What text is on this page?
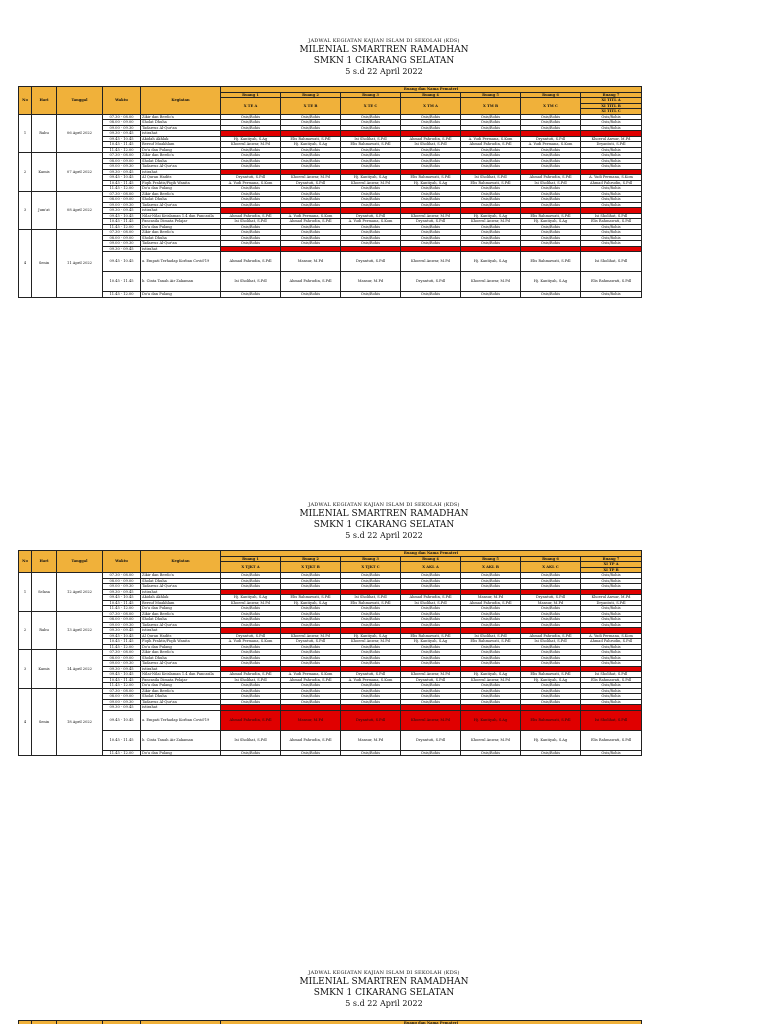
JADWAL KEGIATAN KAJIAN ISLAM DI SEKOLAH (KDS)
MILENIAL SMARTREN RAMADHAN
SMKN 1 CIKARANG SELATAN
5 s.d 22 April 2022
No	Hari	Tanggal	Waktu	Kegiatan	Ruang dan Nama Pemateri						
					Ruang 1	Ruang 2	Ruang 3	Ruang 4	Ruang 5	Ruang 6	Ruang 7
					X TE A	X TE B	X TE C	X TM A	X TM B	X TM C	XI TITL A
											XI TITL B
											XI TITL C
1	Rabu	06 April 2022	07.30 - 08.00	Zikir dan Berdo'a	Osis/Rohis	Osis/Rohis	Osis/Rohis	Osis/Rohis	Osis/Rohis	Osis/Rohis	Osis/Rohis
			08.00 - 09.00	Sholat Dhuha	Osis/Rohis	Osis/Rohis	Osis/Rohis	Osis/Rohis	Osis/Rohis	Osis/Rohis	Osis/Rohis
			09.00 - 09.30	Tadarrus Al-Qur'an	Osis/Rohis	Osis/Rohis	Osis/Rohis	Osis/Rohis	Osis/Rohis	Osis/Rohis	Osis/Rohis
			09.30 - 09.45	istirahat							
			09.45 - 10.45	Akidah Akhlak	Hj. Kantiyah, S.Ag	Elis Rahmawati, S.Pdl	Isi Sholihat, S.Pdl	Ahmad Pahrudin, S.Pdl	A. Yudi Permana, S.Kom	Dryantuti, S.Pdl	Khoerul Anwar, M.Pd
			10.45 - 11.45	Bersuf Muakhlam	Khoerul Anwar, M.Pd	Hj. Kantiyah, S.Ag	Elis Rahmawati, S.Pdl	Isi Sholihat, S.Pdl	Ahmad Pahrudin, S.Pdl	A. Yudi Permana, S.Kom	Dryantuti, S.Pdl
			11.45 - 12.00	Do'a dan Pulang	Osis/Rohis	Osis/Rohis	Osis/Rohis	Osis/Rohis	Osis/Rohis	Osis/Rohis	Osis/Rohis
2	Kamis	07 April 2022	07.30 - 08.00	Zikir dan Berdo'a	Osis/Rohis	Osis/Rohis	Osis/Rohis	Osis/Rohis	Osis/Rohis	Osis/Rohis	Osis/Rohis
			08.00 - 09.00	Sholat Dhuha	Osis/Rohis	Osis/Rohis	Osis/Rohis	Osis/Rohis	Osis/Rohis	Osis/Rohis	Osis/Rohis
			09.00 - 09.30	Tadarrus Al-Qur'an	Osis/Rohis	Osis/Rohis	Osis/Rohis	Osis/Rohis	Osis/Rohis	Osis/Rohis	Osis/Rohis
			09.30 - 09.45	istirahat							
			09.45 - 10.45	Al Quran Hadits	Dryantuti, S.Pdl	Khoerul Anwar, M.Pd	Hj. Kantiyah, S.Ag	Elis Rahmawati, S.Pdl	Isi Sholihat, S.Pdl	Ahmad Pahrudin, S.Pdl	A. Yudi Permana, S.Kom
			10.45 - 11.45	Fiqih Praktis/Fiqih Wanita	A. Yudi Permana, S.Kom	Dryantuti, S.Pdl	Khoerul Anwar, M.Pd	Hj. Kantiyah, S.Ag	Elis Rahmawati, S.Pdl	Isi Sholihat, S.Pdl	Ahmad Pahrudin, S.Pdl
			11.45 - 12.00	Do'a dan Pulang	Osis/Rohis	Osis/Rohis	Osis/Rohis	Osis/Rohis	Osis/Rohis	Osis/Rohis	Osis/Rohis
3	Jum'at	08 April 2022	07.30 - 08.00	Zikir dan Berdo'a	Osis/Rohis	Osis/Rohis	Osis/Rohis	Osis/Rohis	Osis/Rohis	Osis/Rohis	Osis/Rohis
			08.00 - 09.00	Sholat Dhuha	Osis/Rohis	Osis/Rohis	Osis/Rohis	Osis/Rohis	Osis/Rohis	Osis/Rohis	Osis/Rohis
			09.00 - 09.30	Tadarrus Al-Qur'an	Osis/Rohis	Osis/Rohis	Osis/Rohis	Osis/Rohis	Osis/Rohis	Osis/Rohis	Osis/Rohis
			09.30 - 09.45	istirahat							
			09.45 - 10.45	Nilai-Nilai Keislaman 1.4 dan Pancasila	Ahmad Pahrudin, S.Pdl	A. Yudi Permana, S.Kom	Dryantuti, S.Pdl	Khoerul Anwar, M.Pd	Hj. Kantiyah, S.Ag	Elis Rahmawati, S.Pdl	Isi Sholihat, S.Pdl
			10.45 - 11.45	Pancasila Dimata Pelajar	Isi Sholihat, S.Pdl	Ahmad Pahrudin, S.Pdl	A. Yudi Permana, S.Kom	Dryantuti, S.Pdl	Khoerul Anwar, M.Pd	Hj. Kantiyah, S.Ag	Elis Rahmawati, S.Pdl
			11.45 - 12.00	Do'a dan Pulang	Osis/Rohis	Osis/Rohis	Osis/Rohis	Osis/Rohis	Osis/Rohis	Osis/Rohis	Osis/Rohis
4	Senin	11 April 2022	07.30 - 08.00	Zikir dan Berdo'a	Osis/Rohis	Osis/Rohis	Osis/Rohis	Osis/Rohis	Osis/Rohis	Osis/Rohis	Osis/Rohis
			08.00 - 09.00	Sholat Dhuha	Osis/Rohis	Osis/Rohis	Osis/Rohis	Osis/Rohis	Osis/Rohis	Osis/Rohis	Osis/Rohis
			09.00 - 09.30	Tadarrus Al-Qur'an	Osis/Rohis	Osis/Rohis	Osis/Rohis	Osis/Rohis	Osis/Rohis	Osis/Rohis	Osis/Rohis
			09.30 - 09.45	istirahat							
			09.45 - 10.45	a. Empati Terhadap Korban Covid'19	Ahmad Pahrudin, S.Pdl	Mansur, M.Pd	Dryantuti, S.Pdl	Khoerul Anwar, M.Pd	Hj. Kantiyah, S.Ag	Elis Rahmawati, S.Pdl	Isi Sholihat, S.Pdl
			10.45 - 11.45	b. Cinta Tanah Air Zakaman	Isi Sholihat, S.Pdl	Ahmad Pahrudin, S.Pdl	Mansur, M.Pd	Dryantuti, S.Pdl	Khoerul Anwar, M.Pd	Hj. Kantiyah, S.Ag	Elis Rahmawati, S.Pdl
			11.45 - 12.00	Do'a dan Pulang	Osis/Rohis	Osis/Rohis	Osis/Rohis	Osis/Rohis	Osis/Rohis	Osis/Rohis	Osis/Rohis
JADWAL KEGIATAN KAJIAN ISLAM DI SEKOLAH (KDS)
MILENIAL SMARTREN RAMADHAN
SMKN 1 CIKARANG SELATAN
5 s.d 22 April 2022
No	Hari	Tanggal	Waktu	Kegiatan	Ruang dan Nama Pemateri						
					Ruang 1	Ruang 2	Ruang 3	Ruang 4	Ruang 5	Ruang 6	Ruang 7
					X TJKT A	X TJKT B	X TJKT C	X AKL A	X AKL B	X AKL C	XI TP A
											XI TP B
1	Selasa	12 April 2022	07.30 - 08.00	Zikir dan Berdo'a	Osis/Rohis	Osis/Rohis	Osis/Rohis	Osis/Rohis	Osis/Rohis	Osis/Rohis	Osis/Rohis
			08.00 - 09.00	Sholat Dhuha	Osis/Rohis	Osis/Rohis	Osis/Rohis	Osis/Rohis	Osis/Rohis	Osis/Rohis	Osis/Rohis
			09.00 - 09.30	Tadarrus Al-Qur'an	Osis/Rohis	Osis/Rohis	Osis/Rohis	Osis/Rohis	Osis/Rohis	Osis/Rohis	Osis/Rohis
			09.30 - 09.45	istirahat							
			09.45 - 10.45	Akidah Akhlak	Hj. Kantiyah, S.Ag	Elis Rahmawati, S.Pdl	Isi Sholihat, S.Pdl	Ahmad Pahrudin, S.Pdl	Mansur, M.Pd	Dryantuti, S.Pdl	Khoerul Anwar, M.Pd
			10.45 - 11.45	Bersuf Muakhlam	Khoerul Anwar, M.Pd	Hj. Kantiyah, S.Ag	Elis Rahmawati, S.Pdl	Isi Sholihat, S.Pdl	Ahmad Pahrudin, S.Pdl	Mansur, M.Pd	Dryantuti, S.Pdl
			11.45 - 12.00	Do'a dan Pulang	Osis/Rohis	Osis/Rohis	Osis/Rohis	Osis/Rohis	Osis/Rohis	Osis/Rohis	Osis/Rohis
2	Rabu	13 April 2022	07.30 - 08.00	Zikir dan Berdo'a	Osis/Rohis	Osis/Rohis	Osis/Rohis	Osis/Rohis	Osis/Rohis	Osis/Rohis	Osis/Rohis
			08.00 - 09.00	Sholat Dhuha	Osis/Rohis	Osis/Rohis	Osis/Rohis	Osis/Rohis	Osis/Rohis	Osis/Rohis	Osis/Rohis
			09.00 - 09.30	Tadarrus Al-Qur'an	Osis/Rohis	Osis/Rohis	Osis/Rohis	Osis/Rohis	Osis/Rohis	Osis/Rohis	Osis/Rohis
			09.30 - 09.45	istirahat							
			09.45 - 10.45	Al Quran Hadits	Dryantuti, S.Pdl	Khoerul Anwar, M.Pd	Hj. Kantiyah, S.Ag	Elis Rahmawati, S.Pdl	Isi Sholihat, S.Pdl	Ahmad Pahrudin, S.Pdl	A. Yudi Permana, S.Kom
			10.45 - 11.45	Fiqih Praktis/Fiqih Wanita	A. Yudi Permana, S.Kom	Dryantuti, S.Pdl	Khoerul Anwar, M.Pd	Hj. Kantiyah, S.Ag	Elis Rahmawati, S.Pdl	Isi Sholihat, S.Pdl	Ahmad Pahrudin, S.Pdl
			11.45 - 12.00	Do'a dan Pulang	Osis/Rohis	Osis/Rohis	Osis/Rohis	Osis/Rohis	Osis/Rohis	Osis/Rohis	Osis/Rohis
3	Kamis	14 April 2022	07.30 - 08.00	Zikir dan Berdo'a	Osis/Rohis	Osis/Rohis	Osis/Rohis	Osis/Rohis	Osis/Rohis	Osis/Rohis	Osis/Rohis
			08.00 - 09.00	Sholat Dhuha	Osis/Rohis	Osis/Rohis	Osis/Rohis	Osis/Rohis	Osis/Rohis	Osis/Rohis	Osis/Rohis
			09.00 - 09.30	Tadarrus Al-Qur'an	Osis/Rohis	Osis/Rohis	Osis/Rohis	Osis/Rohis	Osis/Rohis	Osis/Rohis	Osis/Rohis
			09.30 - 09.45	istirahat							
			09.45 - 10.45	Nilai-Nilai Keislaman 1.4 dan Pancasila	Ahmad Pahrudin, S.Pdl	A. Yudi Permana, S.Kom	Dryantuti, S.Pdl	Khoerul Anwar, M.Pd	Hj. Kantiyah, S.Ag	Elis Rahmawati, S.Pdl	Isi Sholihat, S.Pdl
			10.45 - 11.45	Pancasila Dimata Pelajar	Isi Sholihat, S.Pdl	Ahmad Pahrudin, S.Pdl	A. Yudi Permana, S.Kom	Dryantuti, S.Pdl	Khoerul Anwar, M.Pd	Hj. Kantiyah, S.Ag	Elis Rahmawati, S.Pdl
			11.45 - 12.00	Do'a dan Pulang	Osis/Rohis	Osis/Rohis	Osis/Rohis	Osis/Rohis	Osis/Rohis	Osis/Rohis	Osis/Rohis
4	Senin	18 April 2022	07.30 - 08.00	Zikir dan Berdo'a	Osis/Rohis	Osis/Rohis	Osis/Rohis	Osis/Rohis	Osis/Rohis	Osis/Rohis	Osis/Rohis
			08.00 - 09.00	Sholat Dhuha	Osis/Rohis	Osis/Rohis	Osis/Rohis	Osis/Rohis	Osis/Rohis	Osis/Rohis	Osis/Rohis
			09.00 - 09.30	Tadarrus Al-Qur'an	Osis/Rohis	Osis/Rohis	Osis/Rohis	Osis/Rohis	Osis/Rohis	Osis/Rohis	Osis/Rohis
			09.30 - 09.45	istirahat							
			09.45 - 10.45	a. Empati Terhadap Korban Covid'19	Ahmad Pahrudin, S.Pdl	Mansur, M.Pd	Dryantuti, S.Pdl	Khoerul Anwar, M.Pd	Hj. Kantiyah, S.Ag	Elis Rahmawati, S.Pdl	Isi Sholihat, S.Pdl
			10.45 - 11.45	b. Cinta Tanah Air Zakaman	Isi Sholihat, S.Pdl	Ahmad Pahrudin, S.Pdl	Mansur, M.Pd	Dryantuti, S.Pdl	Khoerul Anwar, M.Pd	Hj. Kantiyah, S.Ag	Elis Rahmawati, S.Pdl
			11.45 - 12.00	Do'a dan Pulang	Osis/Rohis	Osis/Rohis	Osis/Rohis	Osis/Rohis	Osis/Rohis	Osis/Rohis	Osis/Rohis
JADWAL KEGIATAN KAJIAN ISLAM DI SEKOLAH (KDS)
MILENIAL SMARTREN RAMADHAN
SMKN 1 CIKARANG SELATAN
5 s.d 22 April 2022
					Ruang dan Nama Pemateri
